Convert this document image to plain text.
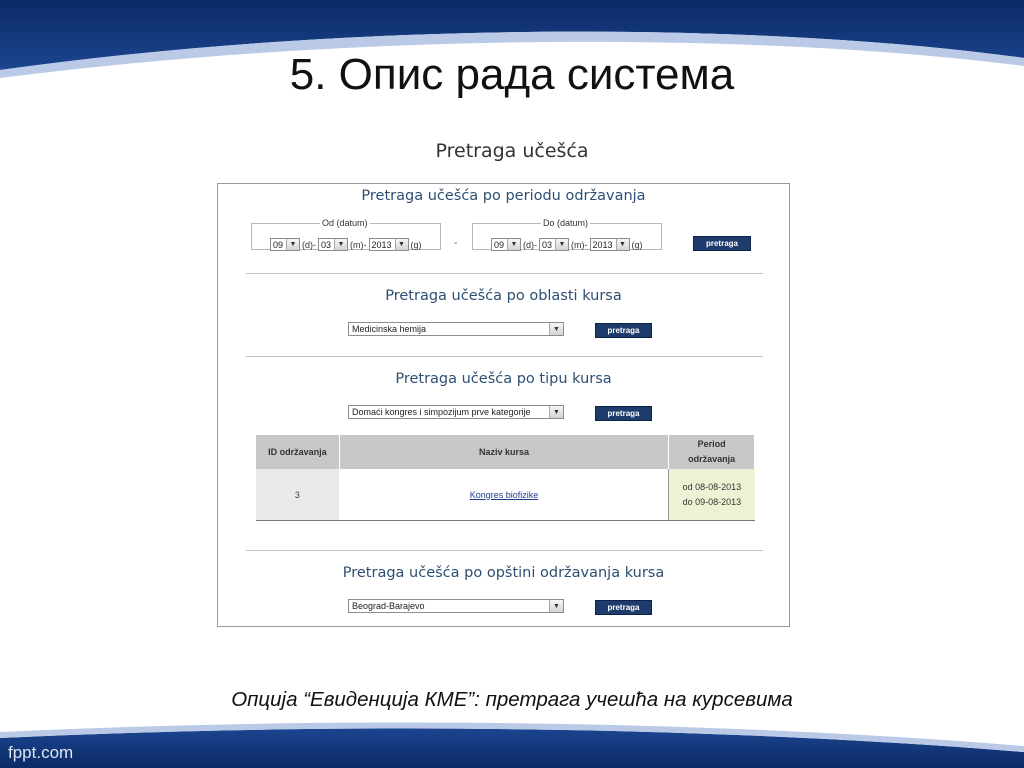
5. Опис рада система
Pretraga učešća
Pretraga učešća po periodu održavanja
Od (datum)
09 ▼ (d)- 03 ▼ (m)- 2013 ▼ (g)	-
Do (datum)
09 ▼ (d)- 03 ▼ (m)- 2013 ▼ (g)	pretraga
Pretraga učešća po oblasti kursa
Medicinska hemija	▼	pretraga
Pretraga učešća po tipu kursa
Domaći kongres i simpozijum prve kategorije	▼	pretraga
ID održavanja	Naziv kursa	Period
održavanja
3	Kongres biofizike	od 08-08-2013
do 09-08-2013
Pretraga učešća po opštini održavanja kursa
Beograd-Barajevo	▼	pretraga
Опција “Евиденција КМЕ”: претрага учешћа на курсевима
fppt.com
